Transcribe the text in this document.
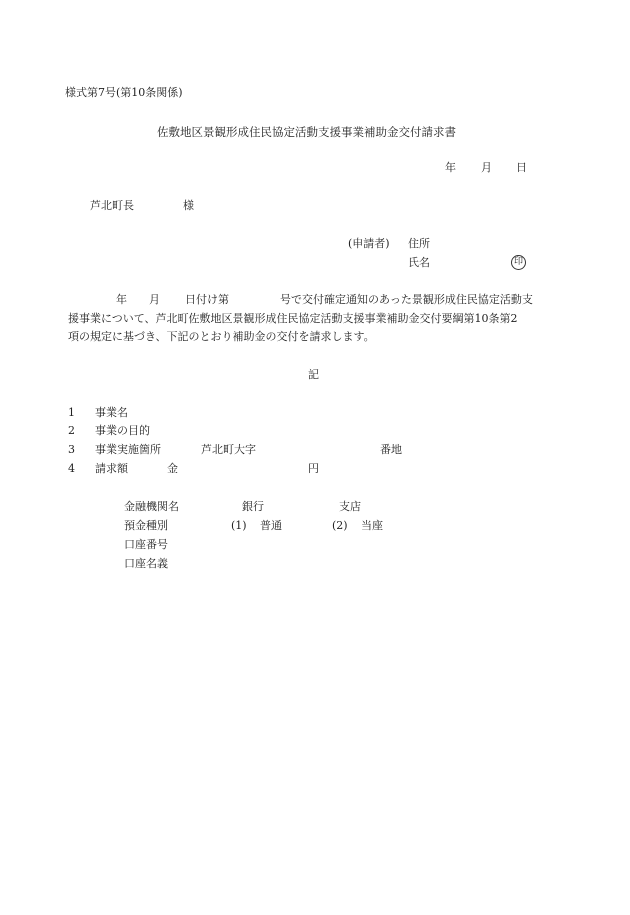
様式第7号(第10条関係)
佐敷地区景観形成住民協定活動支援事業補助金交付請求書
年 月 日
芦北町長	様
(申請者) 住所
氏名	印
年 月 日付け第	号で交付確定通知のあった景観形成住民協定活動支
援事業について、芦北町佐敷地区景観形成住民協定活動支援事業補助金交付要綱第10条第2
項の規定に基づき、下記のとおり補助金の交付を請求します。
記
1 事業名
2 事業の目的
3 事業実施箇所	芦北町大字	番地
4 請求額	金	円
金融機関名	銀行	支店
預金種別	(1) 普通	(2) 当座
口座番号
口座名義
